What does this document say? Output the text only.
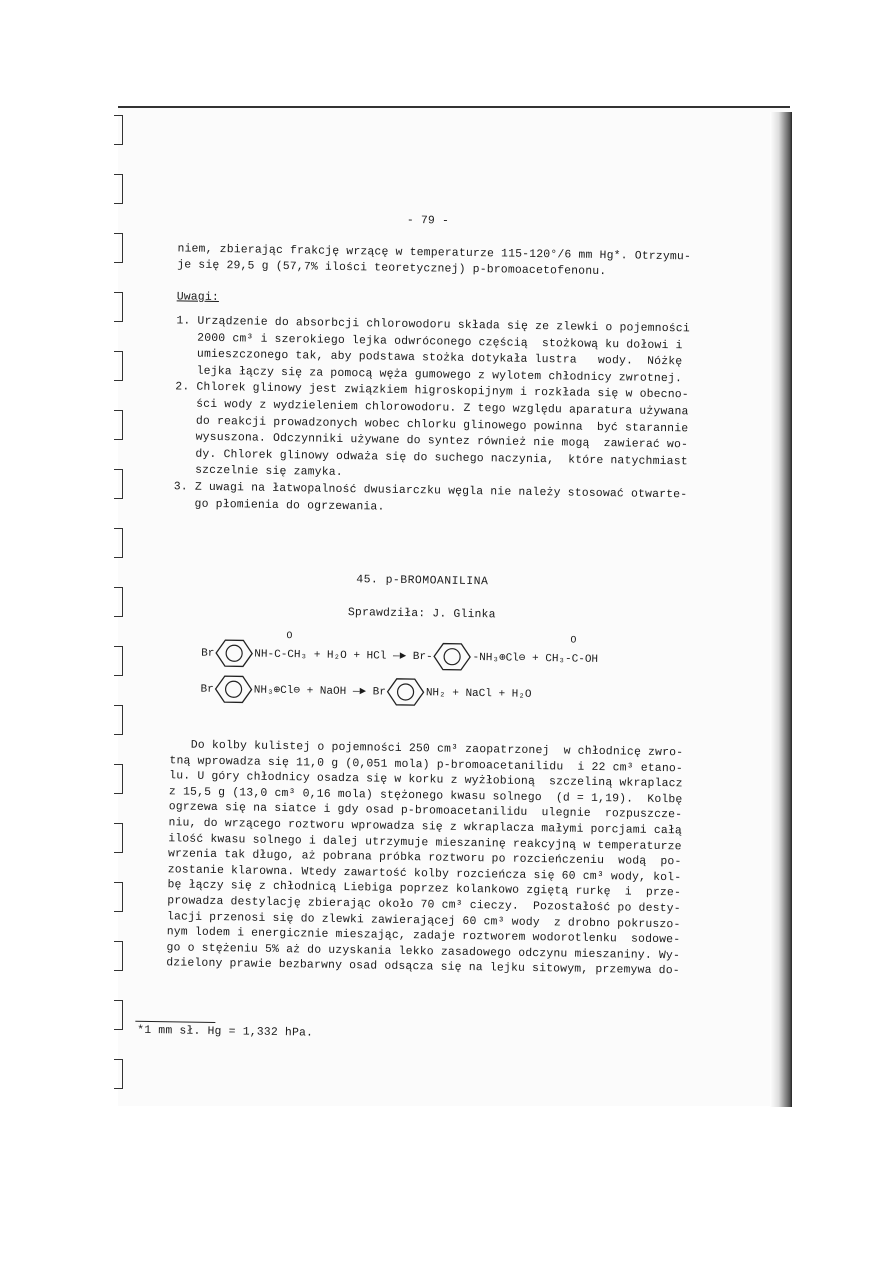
- 79 -
niem, zbierając frakcję wrzącę w temperaturze 115-120°/6 mm Hg*. Otrzymu-
je się 29,5 g (57,7% ilości teoretycznej) p-bromoacetofenonu.
Uwagi:
1. Urządzenie do absorbcji chlorowodoru składa się ze zlewki o pojemności
2000 cm³ i szerokiego lejka odwróconego częścią  stożkową ku dołowi i
umieszczonego tak, aby podstawa stożka dotykała lustra   wody.  Nóżkę
lejka łączy się za pomocą węża gumowego z wylotem chłodnicy zwrotnej.
2. Chlorek glinowy jest związkiem higroskopijnym i rozkłada się w obecno-
ści wody z wydzieleniem chlorowodoru. Z tego względu aparatura używana
do reakcji prowadzonych wobec chlorku glinowego powinna  być starannie
wysuszona. Odczynniki używane do syntez również nie mogą  zawierać wo-
dy. Chlorek glinowy odważa się do suchego naczynia,  które natychmiast
szczelnie się zamyka.
3. Z uwagi na łatwopalność dwusiarczku węgla nie należy stosować otwarte-
go płomienia do ogrzewania.
45. p-BROMOANILINA
Sprawdziła: J. Glinka
Br	NH-C-CH₃
O
+ H₂O + HCl —► Br-	-NH₃⊕Cl⊖ + CH₃-C-OH
O
Br	NH₃⊕Cl⊖ + NaOH —► Br	NH₂ + NaCl + H₂O
Do kolby kulistej o pojemności 250 cm³ zaopatrzonej  w chłodnicę zwro-
tną wprowadza się 11,0 g (0,051 mola) p-bromoacetanilidu  i 22 cm³ etano-
lu. U góry chłodnicy osadza się w korku z wyżłobioną  szczeliną wkraplacz
z 15,5 g (13,0 cm³ 0,16 mola) stężonego kwasu solnego  (d = 1,19).  Kolbę
ogrzewa się na siatce i gdy osad p-bromoacetanilidu  ulegnie  rozpuszcze-
niu, do wrzącego roztworu wprowadza się z wkraplacza małymi porcjami całą
ilość kwasu solnego i dalej utrzymuje mieszaninę reakcyjną w temperaturze
wrzenia tak długo, aż pobrana próbka roztworu po rozcieńczeniu  wodą  po-
zostanie klarowna. Wtedy zawartość kolby rozcieńcza się 60 cm³ wody, kol-
bę łączy się z chłodnicą Liebiga poprzez kolankowo zgiętą rurkę  i  prze-
prowadza destylację zbierając około 70 cm³ cieczy.  Pozostałość po desty-
lacji przenosi się do zlewki zawierającej 60 cm³ wody  z drobno pokruszo-
nym lodem i energicznie mieszając, zadaje roztworem wodorotlenku  sodowe-
go o stężeniu 5% aż do uzyskania lekko zasadowego odczynu mieszaniny. Wy-
dzielony prawie bezbarwny osad odsącza się na lejku sitowym, przemywa do-
*1 mm sł. Hg = 1,332 hPa.
